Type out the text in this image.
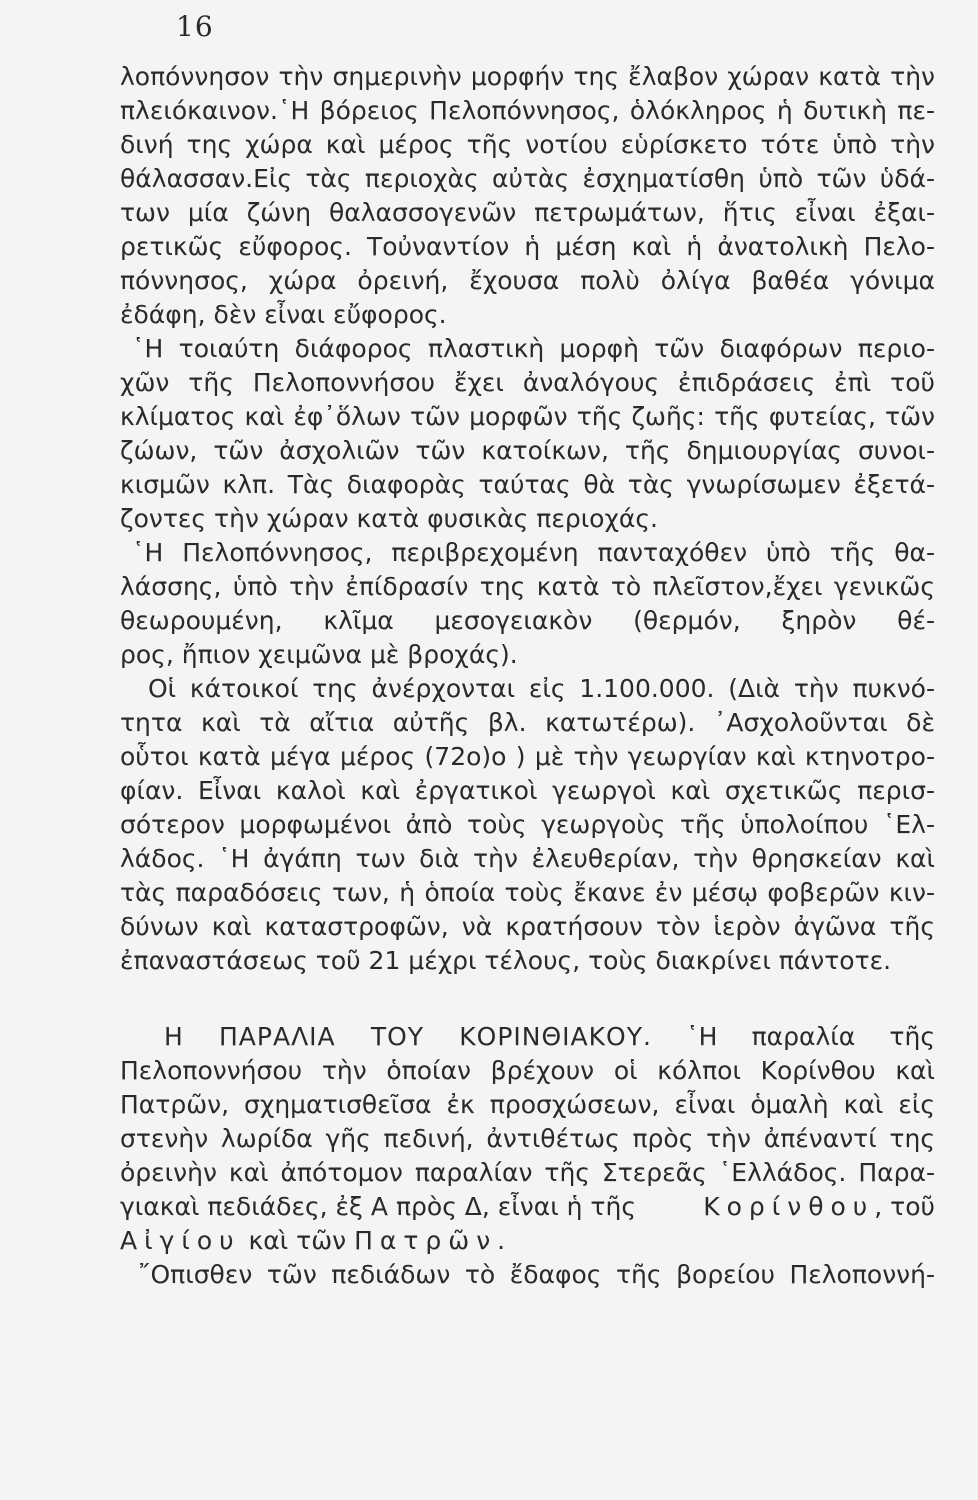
16
λοπόννησον τὴν σημερινὴν μορφήν της ἔλαβον χώραν κατὰ τὴν
πλειόκαινον.῾Η βόρειος Πελοπόννησος, ὁλόκληρος ἡ δυτικὴ πε-
δινή της χώρα καὶ μέρος τῆς νοτίου εὑρίσκετο τότε ὑπὸ τὴν
θάλασσαν.Εἰς τὰς περιοχὰς αὐτὰς ἐσχηματίσθη ὑπὸ τῶν ὑδά-
των μία ζώνη θαλασσογενῶν πετρωμάτων, ἥτις εἶναι ἐξαι-
ρετικῶς εὔφορος. Τοὐναντίον ἡ μέση καὶ ἡ ἀνατολικὴ Πελο-
πόννησος, χώρα ὀρεινή, ἔχουσα πολὺ ὀλίγα βαθέα γόνιμα
ἐδάφη, δὲν εἶναι εὔφορος.
῾Η τοιαύτη διάφορος πλαστικὴ μορφὴ τῶν διαφόρων περιο-
χῶν τῆς Πελοποννήσου ἔχει ἀναλόγους ἐπιδράσεις ἐπὶ τοῦ
κλίματος καὶ ἐφ᾽ὅλων τῶν μορφῶν τῆς ζωῆς: τῆς φυτείας, τῶν
ζώων, τῶν ἀσχολιῶν τῶν κατοίκων, τῆς δημιουργίας συνοι-
κισμῶν κλπ. Τὰς διαφορὰς ταύτας θὰ τὰς γνωρίσωμεν ἐξετά-
ζοντες τὴν χώραν κατὰ φυσικὰς περιοχάς.
῾Η Πελοπόννησος, περιβρεχομένη πανταχόθεν ὑπὸ τῆς θα-
λάσσης, ὑπὸ τὴν ἐπίδρασίν της κατὰ τὸ πλεῖστον,ἔχει γενικῶς
θεωρουμένη, κλῖμα μεσογειακὸν (θερμόν, ξηρὸν θέ-
ρος, ἤπιον χειμῶνα μὲ βροχάς).
Οἱ κάτοικοί της ἀνέρχονται εἰς 1.100.000. (Διὰ τὴν πυκνό-
τητα καὶ τὰ αἴτια αὐτῆς βλ. κατωτέρω). ᾿Ασχολοῦνται δὲ
οὗτοι κατὰ μέγα μέρος (72ο)ο ) μὲ τὴν γεωργίαν καὶ κτηνοτρο-
φίαν. Εἶναι καλοὶ καὶ ἐργατικοὶ γεωργοὶ καὶ σχετικῶς περισ-
σότερον μορφωμένοι ἀπὸ τοὺς γεωργοὺς τῆς ὑπολοίπου ῾Ελ-
λάδος. ῾Η ἀγάπη των διὰ τὴν ἐλευθερίαν, τὴν θρησκείαν καὶ
τὰς παραδόσεις των, ἡ ὁποία τοὺς ἔκανε ἐν μέσῳ φοβερῶν κιν-
δύνων καὶ καταστροφῶν, νὰ κρατήσουν τὸν ἱερὸν ἀγῶνα τῆς
ἐπαναστάσεως τοῦ 21 μέχρι τέλους, τοὺς διακρίνει πάντοτε.
Η ΠΑΡΑΛΙΑ ΤΟΥ ΚΟΡΙΝΘΙΑΚΟΥ. ῾Η παραλία τῆς
Πελοποννήσου τὴν ὁποίαν βρέχουν οἱ κόλποι Κορίνθου καὶ
Πατρῶν, σχηματισθεῖσα ἐκ προσχώσεων, εἶναι ὁμαλὴ καὶ εἰς
στενὴν λωρίδα γῆς πεδινή, ἀντιθέτως πρὸς τὴν ἀπέναντί της
ὀρεινὴν καὶ ἀπότομον παραλίαν τῆς Στερεᾶς ῾Ελλάδος. Παρα-
γιακαὶ πεδιάδες, ἐξ Α πρὸς Δ, εἶναι ἡ τῆς	Κορίνθου, τοῦ
Αἰγίου καὶ τῶν Πατρῶν.
῎Οπισθεν τῶν πεδιάδων τὸ ἔδαφος τῆς βορείου Πελοποννή-
